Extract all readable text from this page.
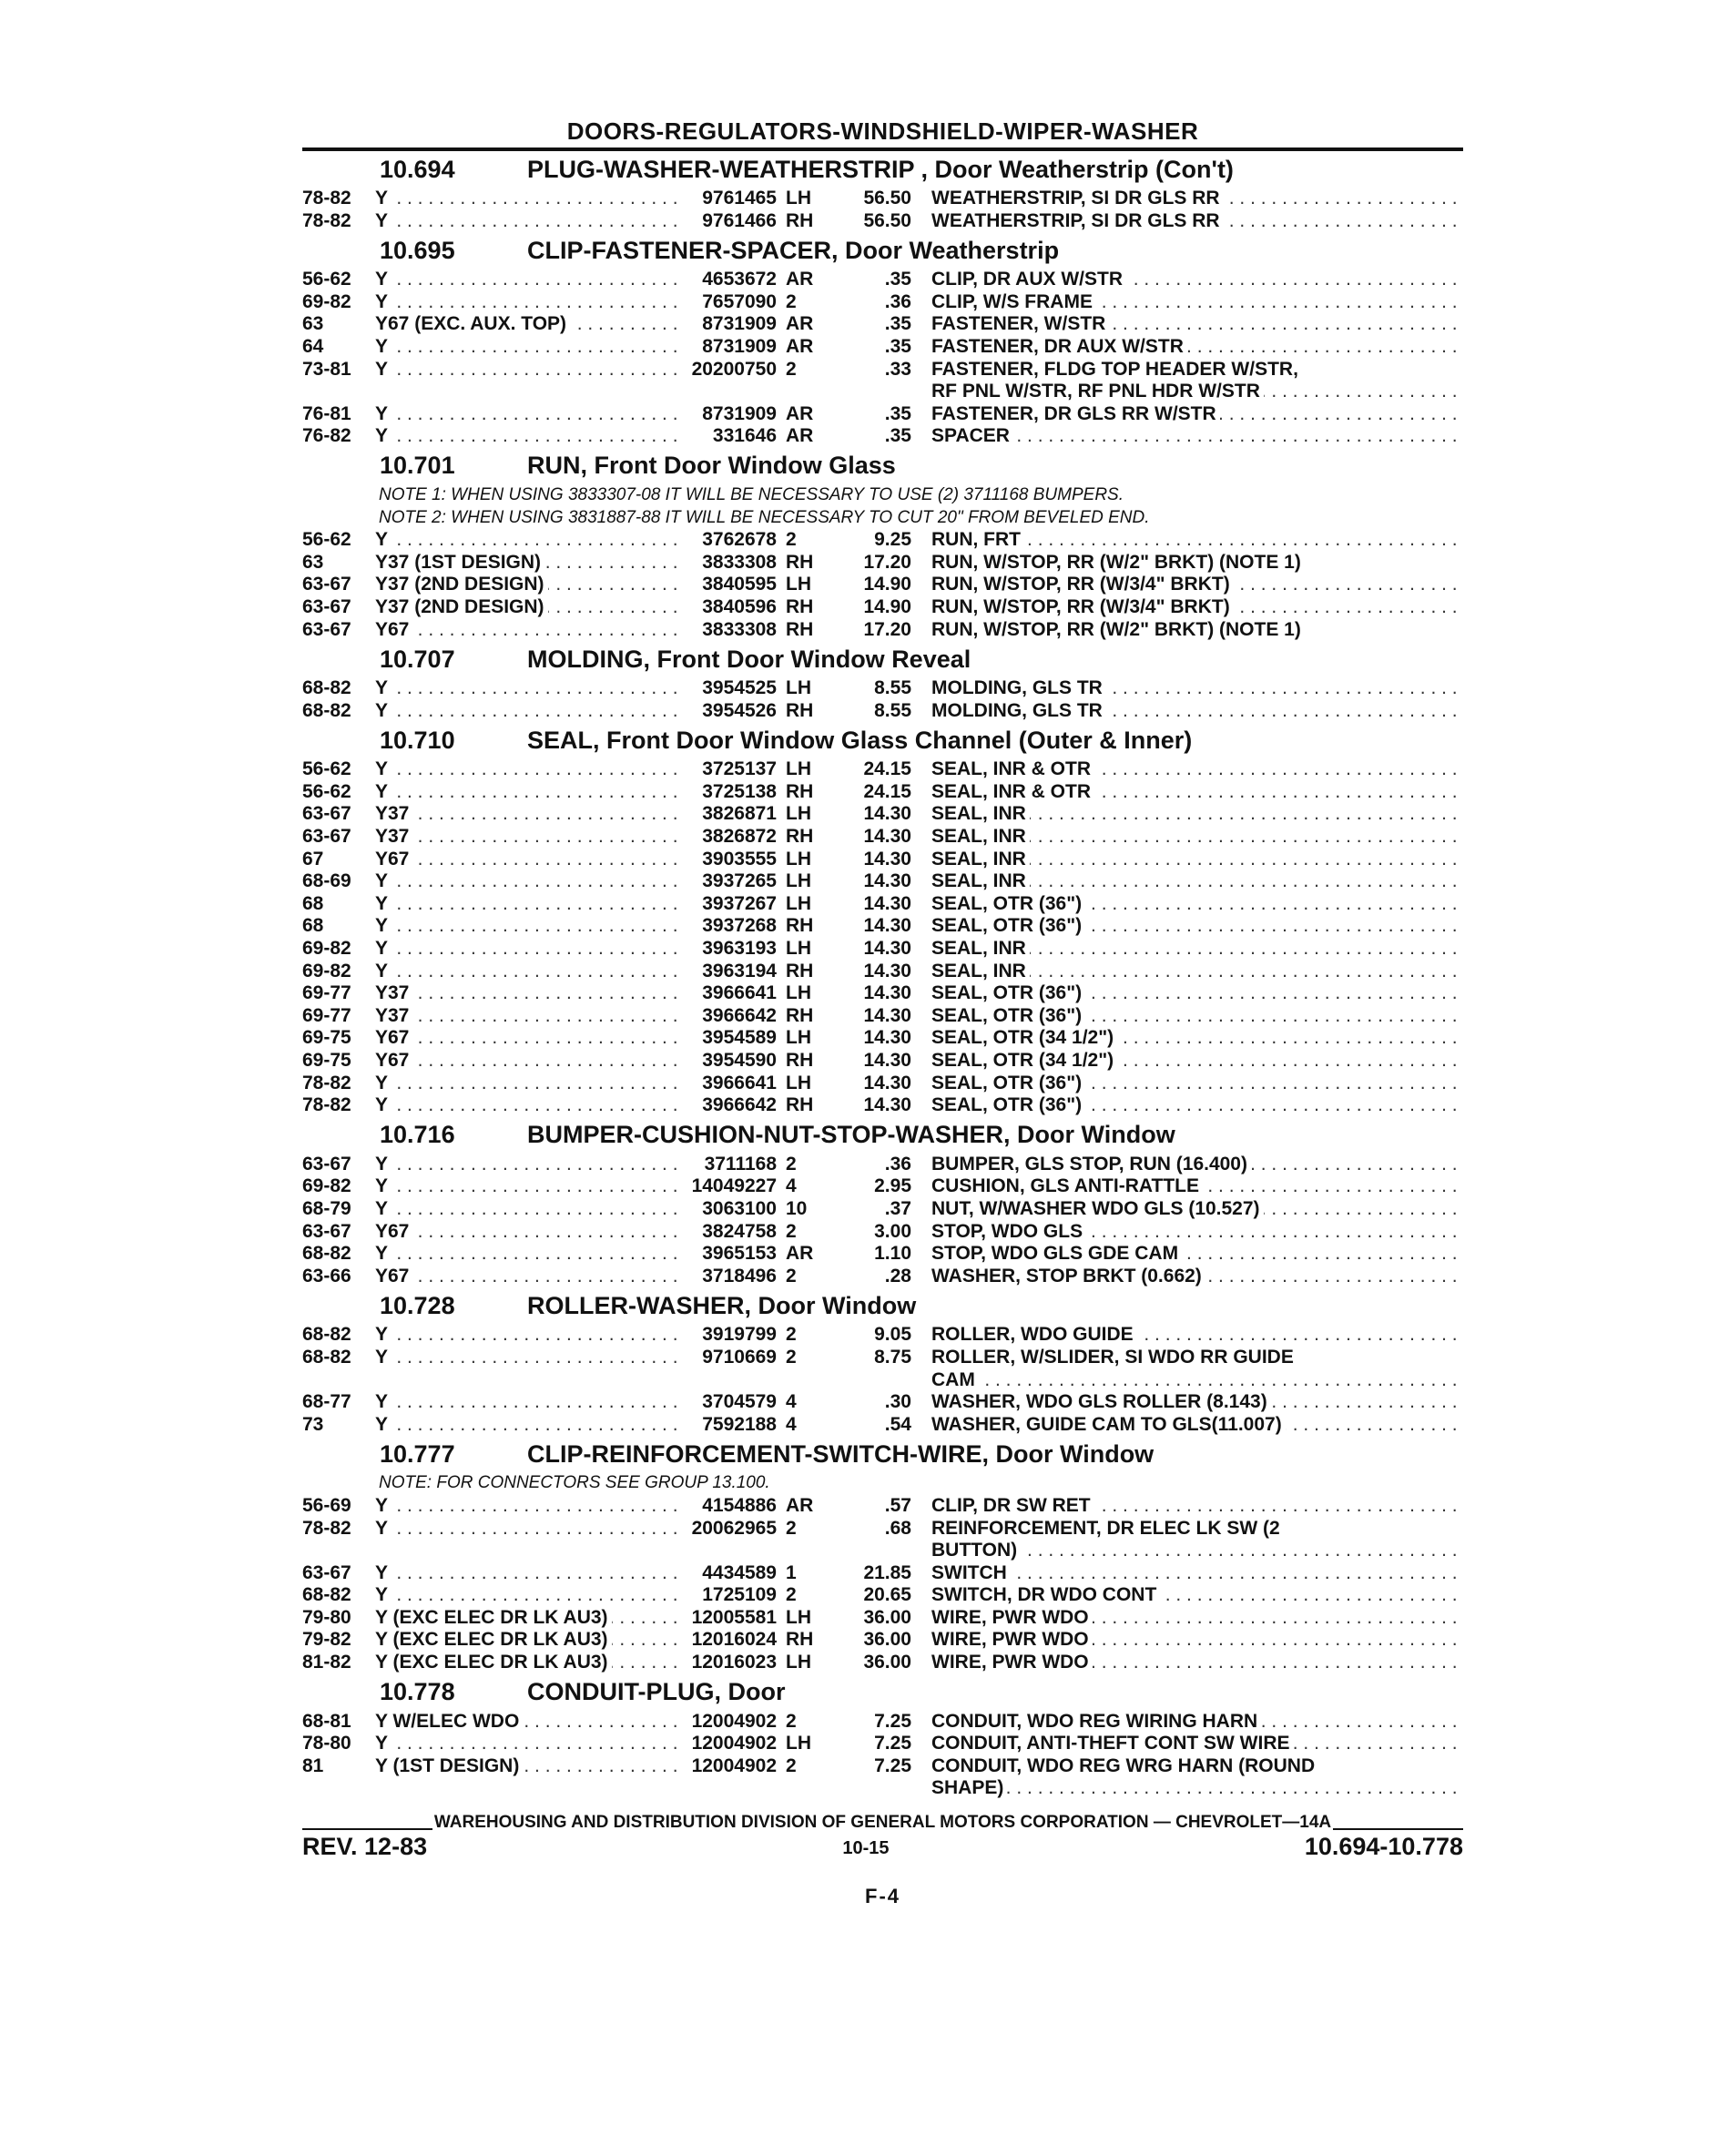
DOORS-REGULATORS-WINDSHIELD-WIPER-WASHER
10.694	PLUG-WASHER-WEATHERSTRIP , Door Weatherstrip (Con't)
78-82	Y . . .	9761465 LH	56.50	WEATHERSTRIP, SI DR GLS RR . . .
78-82	Y . . .	9761466 RH	56.50	WEATHERSTRIP, SI DR GLS RR . . .
10.695	CLIP-FASTENER-SPACER, Door Weatherstrip
56-62	Y . . .	4653672 AR	.35	CLIP, DR AUX W/STR . . .
69-82	Y . . .	7657090 2	.36	CLIP, W/S FRAME . . .
63	Y67 (EXC. AUX. TOP) . . .	8731909 AR	.35	FASTENER, W/STR . . .
64	Y . . .	8731909 AR	.35	FASTENER, DR AUX W/STR . . .
73-81	Y . . .	20200750 2	.33	FASTENER, FLDG TOP HEADER W/STR,
RF PNL W/STR, RF PNL HDR W/STR . . .
76-81	Y . . .	8731909 AR	.35	FASTENER, DR GLS RR W/STR . . .
76-82	Y . . .	331646 AR	.35	SPACER . . .
10.701	RUN, Front Door Window Glass
NOTE 1: WHEN USING 3833307-08 IT WILL BE NECESSARY TO USE (2) 3711168 BUMPERS.
NOTE 2: WHEN USING 3831887-88 IT WILL BE NECESSARY TO CUT 20" FROM BEVELED END.
56-62	Y . . .	3762678 2	9.25	RUN, FRT . . .
63	Y37 (1ST DESIGN) . . .	3833308 RH	17.20	RUN, W/STOP, RR (W/2" BRKT) (NOTE 1)
63-67	Y37 (2ND DESIGN) . . .	3840595 LH	14.90	RUN, W/STOP, RR (W/3/4" BRKT) . . .
63-67	Y37 (2ND DESIGN) . . .	3840596 RH	14.90	RUN, W/STOP, RR (W/3/4" BRKT) . . .
63-67	Y67 . . .	3833308 RH	17.20	RUN, W/STOP, RR (W/2" BRKT) (NOTE 1)
10.707	MOLDING, Front Door Window Reveal
68-82	Y . . .	3954525 LH	8.55	MOLDING, GLS TR . . .
68-82	Y . . .	3954526 RH	8.55	MOLDING, GLS TR . . .
10.710	SEAL, Front Door Window Glass Channel (Outer & Inner)
56-62	Y . . .	3725137 LH	24.15	SEAL, INR & OTR . . .
56-62	Y . . .	3725138 RH	24.15	SEAL, INR & OTR . . .
63-67	Y37 . . .	3826871 LH	14.30	SEAL, INR . . .
63-67	Y37 . . .	3826872 RH	14.30	SEAL, INR . . .
67	Y67 . . .	3903555 LH	14.30	SEAL, INR . . .
68-69	Y . . .	3937265 LH	14.30	SEAL, INR . . .
68	Y . . .	3937267 LH	14.30	SEAL, OTR (36") . . .
68	Y . . .	3937268 RH	14.30	SEAL, OTR (36") . . .
69-82	Y . . .	3963193 LH	14.30	SEAL, INR . . .
69-82	Y . . .	3963194 RH	14.30	SEAL, INR . . .
69-77	Y37 . . .	3966641 LH	14.30	SEAL, OTR (36") . . .
69-77	Y37 . . .	3966642 RH	14.30	SEAL, OTR (36") . . .
69-75	Y67 . . .	3954589 LH	14.30	SEAL, OTR (34 1/2") . . .
69-75	Y67 . . .	3954590 RH	14.30	SEAL, OTR (34 1/2") . . .
78-82	Y . . .	3966641 LH	14.30	SEAL, OTR (36") . . .
78-82	Y . . .	3966642 RH	14.30	SEAL, OTR (36") . . .
10.716	BUMPER-CUSHION-NUT-STOP-WASHER, Door Window
63-67	Y . . .	3711168 2	.36	BUMPER, GLS STOP, RUN (16.400) . . .
69-82	Y . . .	14049227 4	2.95	CUSHION, GLS ANTI-RATTLE . . .
68-79	Y . . .	3063100 10	.37	NUT, W/WASHER WDO GLS (10.527) . . .
63-67	Y67 . . .	3824758 2	3.00	STOP, WDO GLS . . .
68-82	Y . . .	3965153 AR	1.10	STOP, WDO GLS GDE CAM . . .
63-66	Y67 . . .	3718496 2	.28	WASHER, STOP BRKT (0.662) . . .
10.728	ROLLER-WASHER, Door Window
68-82	Y . . .	3919799 2	9.05	ROLLER, WDO GUIDE . . .
68-82	Y . . .	9710669 2	8.75	ROLLER, W/SLIDER, SI WDO RR GUIDE
CAM . . .
68-77	Y . . .	3704579 4	.30	WASHER, WDO GLS ROLLER (8.143) . . .
73	Y . . .	7592188 4	.54	WASHER, GUIDE CAM TO GLS(11.007) . . .
10.777	CLIP-REINFORCEMENT-SWITCH-WIRE, Door Window
NOTE: FOR CONNECTORS SEE GROUP 13.100.
56-69	Y . . .	4154886 AR	.57	CLIP, DR SW RET . . .
78-82	Y . . .	20062965 2	.68	REINFORCEMENT, DR ELEC LK SW (2
BUTTON) . . .
63-67	Y . . .	4434589 1	21.85	SWITCH . . .
68-82	Y . . .	1725109 2	20.65	SWITCH, DR WDO CONT . . .
79-80	Y (EXC ELEC DR LK AU3) . . .	12005581 LH	36.00	WIRE, PWR WDO . . .
79-82	Y (EXC ELEC DR LK AU3) . . .	12016024 RH	36.00	WIRE, PWR WDO . . .
81-82	Y (EXC ELEC DR LK AU3) . . .	12016023 LH	36.00	WIRE, PWR WDO . . .
10.778	CONDUIT-PLUG, Door
68-81	Y W/ELEC WDO . . .	12004902 2	7.25	CONDUIT, WDO REG WIRING HARN . . .
78-80	Y . . .	12004902 LH	7.25	CONDUIT, ANTI-THEFT CONT SW WIRE . . .
81	Y (1ST DESIGN) . . .	12004902 2	7.25	CONDUIT, WDO REG WRG HARN (ROUND
SHAPE) . . .
WAREHOUSING AND DISTRIBUTION DIVISION OF GENERAL MOTORS CORPORATION — CHEVROLET—14A
REV. 12-83	10-15	10.694-10.778
F-4
